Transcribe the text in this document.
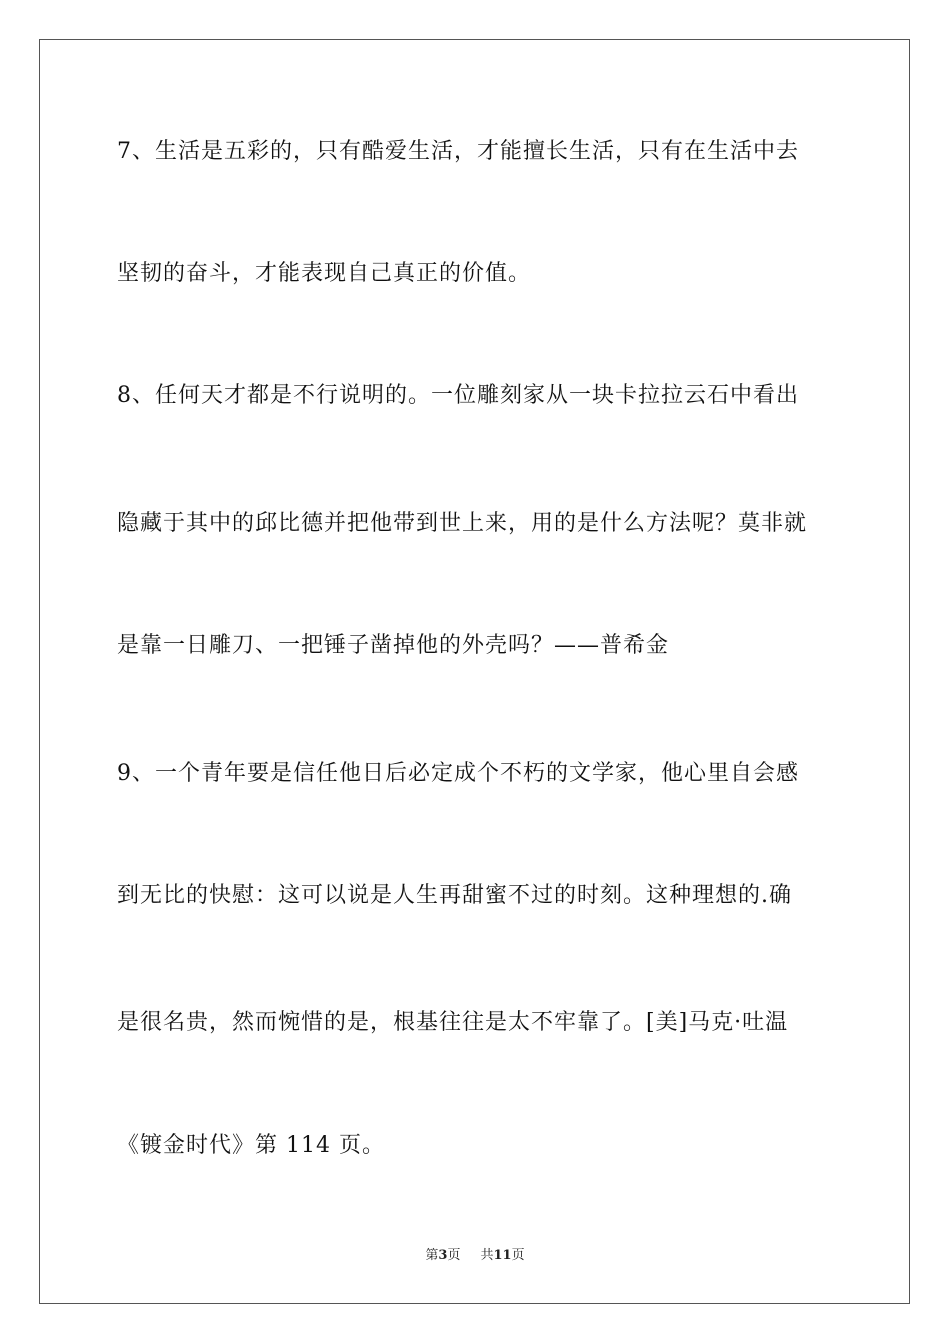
7、生活是五彩的，只有酷爱生活，才能擅长生活，只有在生活中去
坚韧的奋斗，才能表现自己真正的价值。
8、任何天才都是不行说明的。一位雕刻家从一块卡拉拉云石中看出
隐藏于其中的邱比德并把他带到世上来，用的是什么方法呢？莫非就
是靠一日雕刀、一把锤子凿掉他的外壳吗？——普希金
9、一个青年要是信任他日后必定成个不朽的文学家，他心里自会感
到无比的快慰：这可以说是人生再甜蜜不过的时刻。这种理想的.确
是很名贵，然而惋惜的是，根基往往是太不牢靠了。[美]马克·吐温
《镀金时代》第 114 页。
第3页 共11页
